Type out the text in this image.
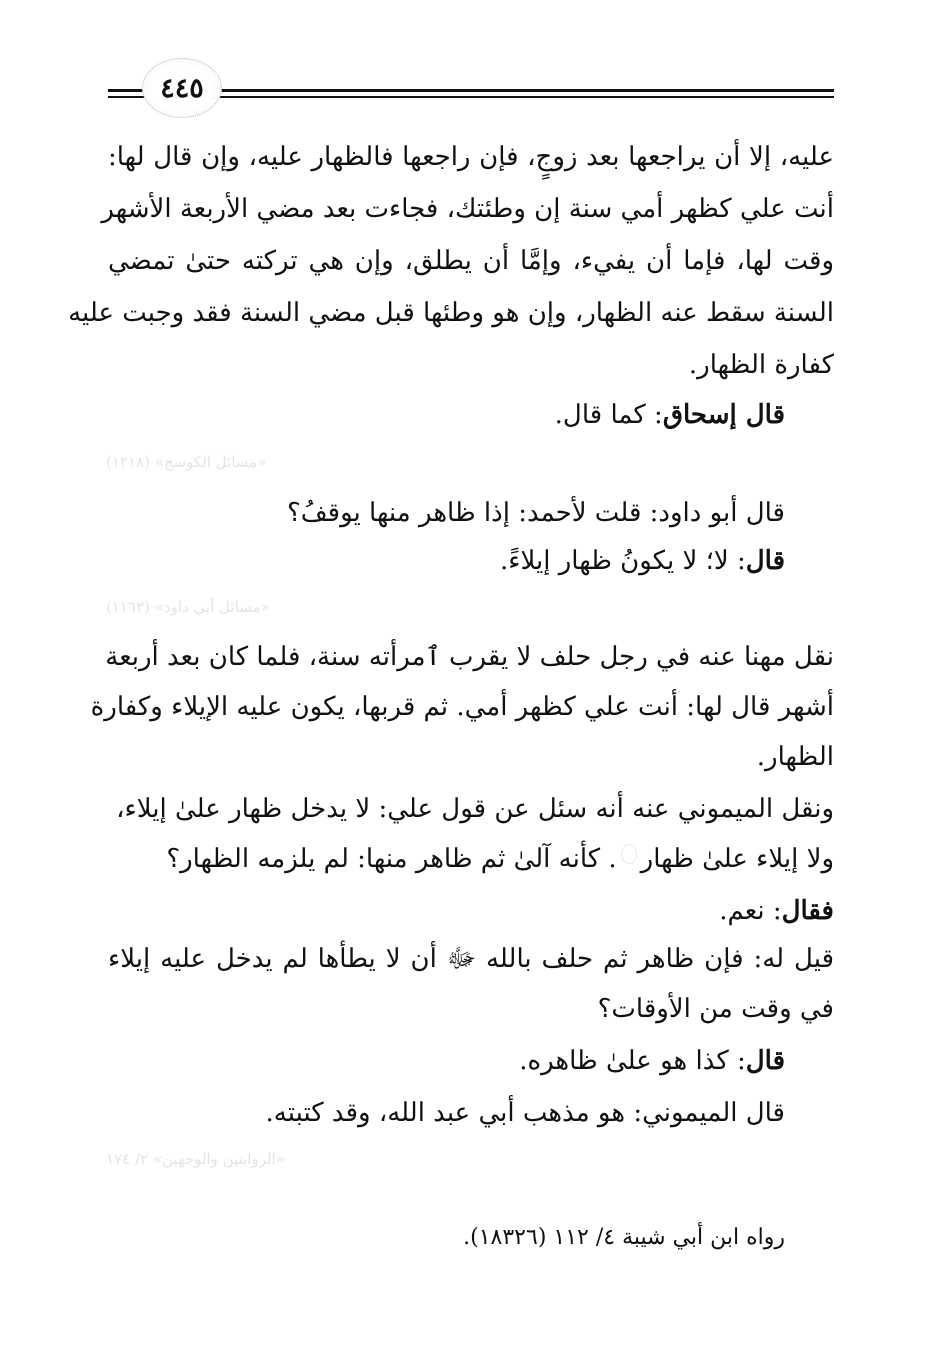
٤٤٥
عليه، إلا أن يراجعها بعد زوجٍ، فإن راجعها فالظهار عليه، وإن قال لها:
أنت علي كظهر أمي سنة إن وطئتك، فجاءت بعد مضي الأربعة الأشهر
وقت لها، فإما أن يفيء، وإمَّا أن يطلق، وإن هي تركته حتىٰ تمضي
السنة سقط عنه الظهار، وإن هو وطئها قبل مضي السنة فقد وجبت عليه
كفارة الظهار.
قال إسحاق: كما قال.
«مسائل الكوسج» (١٢١٨)
قال أبو داود: قلت لأحمد: إذا ظاهر منها يوقفُ؟
قال: لا؛ لا يكونُ ظهار إيلاءً.
«مسائل أبي داود» (١١٦٣)
نقل مهنا عنه في رجل حلف لا يقرب ٱمرأته سنة، فلما كان بعد أربعة
أشهر قال لها: أنت علي كظهر أمي. ثم قربها، يكون عليه الإيلاء وكفارة
الظهار.
ونقل الميموني عنه أنه سئل عن قول علي: لا يدخل ظهار علىٰ إيلاء،
ولا إيلاء علىٰ ظهار. كأنه آلىٰ ثم ظاهر منها: لم يلزمه الظهار؟
فقال: نعم.
قيل له: فإن ظاهر ثم حلف بالله ﷻ أن لا يطأها لم يدخل عليه إيلاء
في وقت من الأوقات؟
قال: كذا هو علىٰ ظاهره.
قال الميموني: هو مذهب أبي عبد الله، وقد كتبته.
«الروايتين والوجهين» ٢/ ١٧٤
رواه ابن أبي شيبة ٤/ ١١٢ (١٨٣٢٦).
